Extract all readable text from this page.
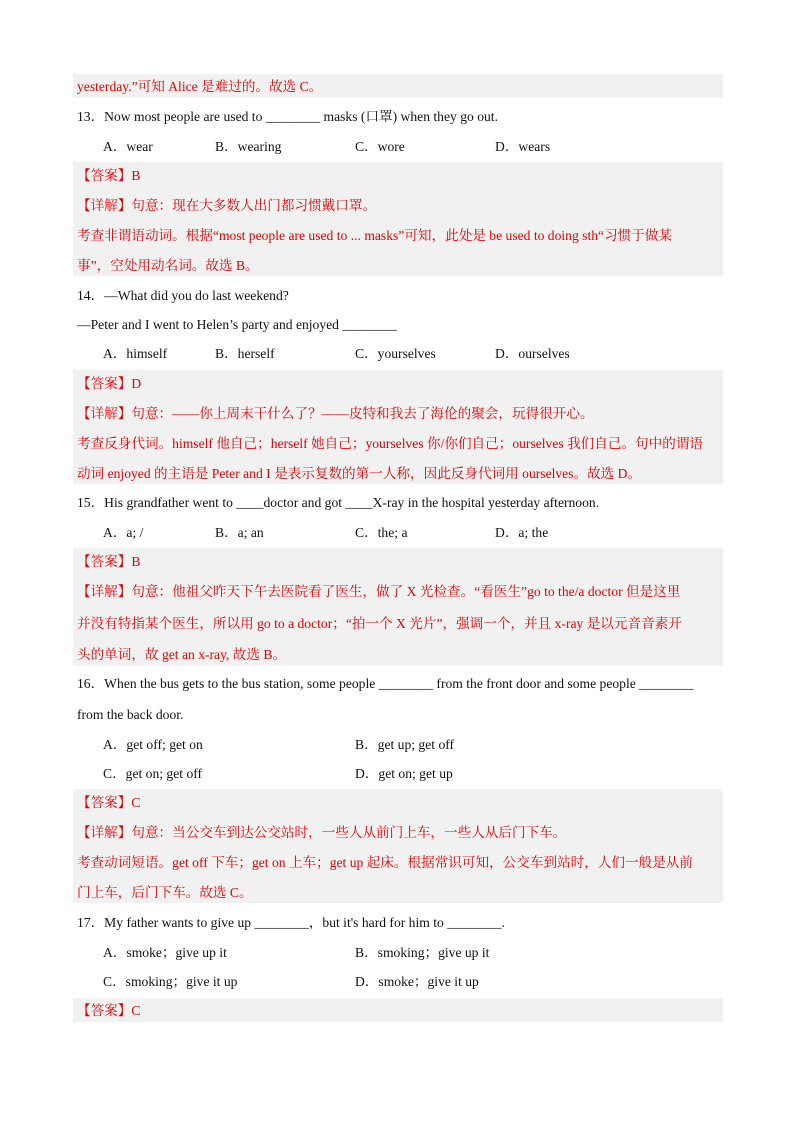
yesterday.”可知 Alice 是难过的。故选 C。
13．Now most people are used to ________ masks (口罩) when they go out.
A．wear	B．wearing	C．wore	D．wears
【答案】B
【详解】句意：现在大多数人出门都习惯戴口罩。
考查非谓语动词。根据“most people are used to ... masks”可知，此处是 be used to doing sth“习惯于做某
事”，空处用动名词。故选 B。
14．—What did you do last weekend?
—Peter and I went to Helen’s party and enjoyed ________
A．himself	B．herself	C．yourselves	D．ourselves
【答案】D
【详解】句意：——你上周末干什么了？——皮特和我去了海伦的聚会，玩得很开心。
考查反身代词。himself 他自己；herself 她自己；yourselves 你/你们自己；ourselves 我们自己。句中的谓语
动词 enjoyed 的主语是 Peter and I 是表示复数的第一人称，因此反身代词用 ourselves。故选 D。
15．His grandfather went to ____doctor and got ____X-ray in the hospital yesterday afternoon.
A．a; /	B．a; an	C．the; a	D．a; the
【答案】B
【详解】句意：他祖父昨天下午去医院看了医生，做了 X 光检查。“看医生”go to the/a doctor 但是这里
并没有特指某个医生，所以用 go to a doctor；“拍一个 X 光片”，强调一个，并且 x-ray 是以元音音素开
头的单词，故 get an x-ray, 故选 B。
16．When the bus gets to the bus station, some people ________ from the front door and some people ________
from the back door.
A．get off; get on	B．get up; get off
C．get on; get off	D．get on; get up
【答案】C
【详解】句意：当公交车到达公交站时，一些人从前门上车，一些人从后门下车。
考查动词短语。get off 下车；get on 上车；get up 起床。根据常识可知，公交车到站时，人们一般是从前
门上车，后门下车。故选 C。
17．My father wants to give up ________，but it's hard for him to ________.
A．smoke；give up it	B．smoking；give up it
C．smoking；give it up	D．smoke；give it up
【答案】C
